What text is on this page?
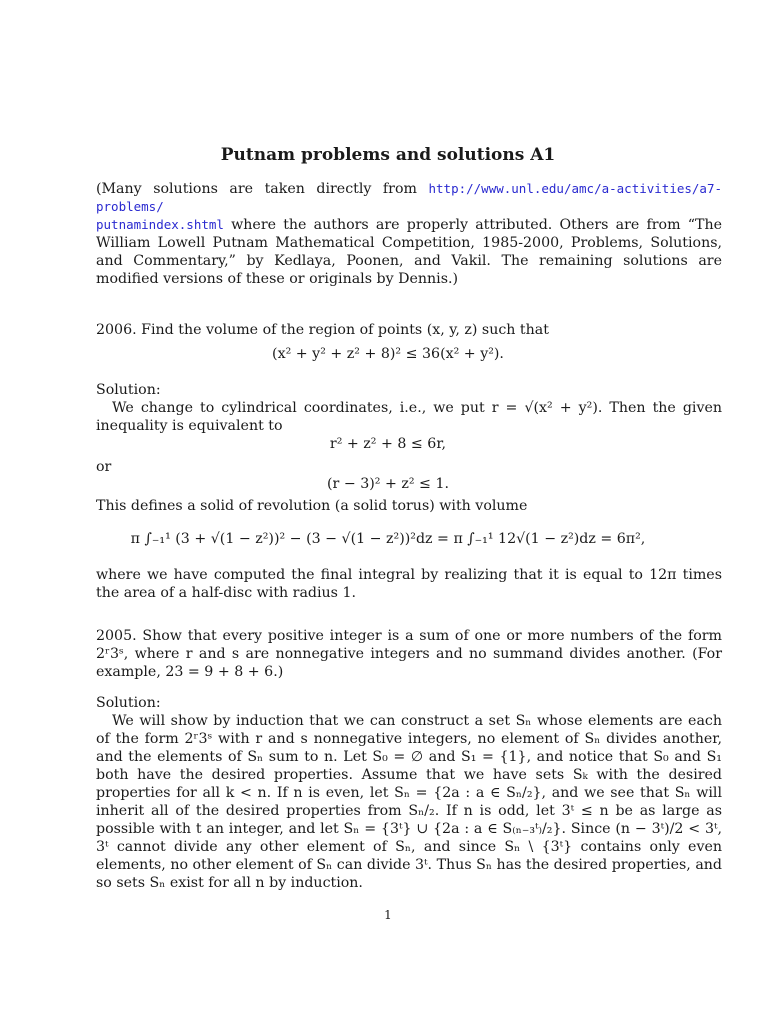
Putnam problems and solutions A1
(Many solutions are taken directly from http://www.unl.edu/amc/a-activities/a7-problems/
putnamindex.shtml where the authors are properly attributed. Others are from “The William Lowell Putnam Mathematical Competition, 1985-2000, Problems, Solutions, and Commentary,” by Kedlaya, Poonen, and Vakil. The remaining solutions are modified versions of these or originals by Dennis.)
2006. Find the volume of the region of points (x, y, z) such that
(x² + y² + z² + 8)² ≤ 36(x² + y²).
Solution:
We change to cylindrical coordinates, i.e., we put r = √(x² + y²). Then the given inequality is equivalent to
r² + z² + 8 ≤ 6r,
or
(r − 3)² + z² ≤ 1.
This defines a solid of revolution (a solid torus) with volume
π ∫₋₁¹ (3 + √(1 − z²))² − (3 − √(1 − z²))²dz = π ∫₋₁¹ 12√(1 − z²)dz = 6π²,
where we have computed the final integral by realizing that it is equal to 12π times the area of a half-disc with radius 1.
2005. Show that every positive integer is a sum of one or more numbers of the form 2ʳ3ˢ, where r and s are nonnegative integers and no summand divides another. (For example, 23 = 9 + 8 + 6.)
Solution:
We will show by induction that we can construct a set Sₙ whose elements are each of the form 2ʳ3ˢ with r and s nonnegative integers, no element of Sₙ divides another, and the elements of Sₙ sum to n. Let S₀ = ∅ and S₁ = {1}, and notice that S₀ and S₁ both have the desired properties. Assume that we have sets Sₖ with the desired properties for all k < n. If n is even, let Sₙ = {2a : a ∈ Sₙ/₂}, and we see that Sₙ will inherit all of the desired properties from Sₙ/₂. If n is odd, let 3ᵗ ≤ n be as large as possible with t an integer, and let Sₙ = {3ᵗ} ∪ {2a : a ∈ S₍ₙ₋₃ᵗ₎/₂}. Since (n − 3ᵗ)/2 < 3ᵗ, 3ᵗ cannot divide any other element of Sₙ, and since Sₙ \ {3ᵗ} contains only even elements, no other element of Sₙ can divide 3ᵗ. Thus Sₙ has the desired properties, and so sets Sₙ exist for all n by induction.
1
